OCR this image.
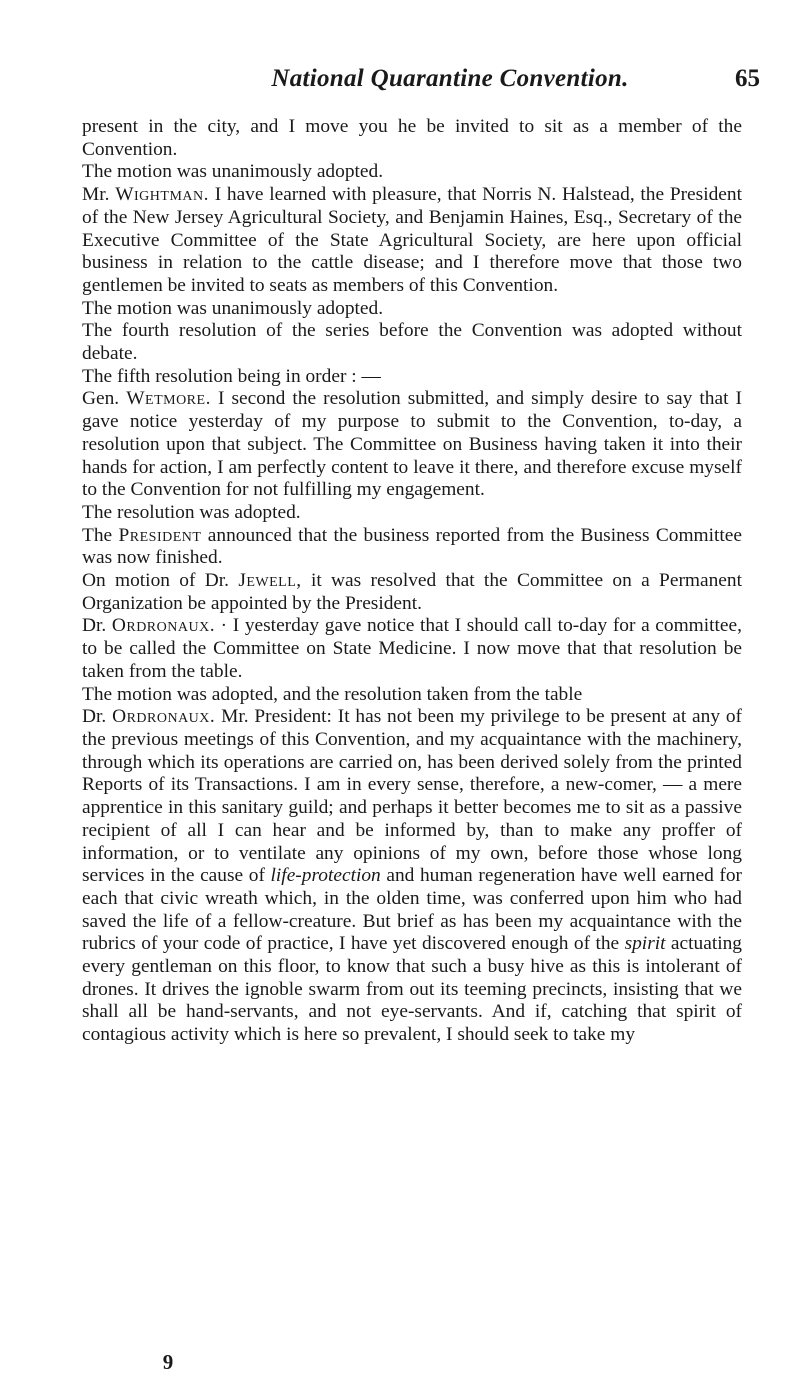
National Quarantine Convention.	65

present in the city, and I move you he be invited to sit as a member of the Convention.

The motion was unanimously adopted.

Mr. Wightman. I have learned with pleasure, that Norris N. Halstead, the President of the New Jersey Agricultural Society, and Benjamin Haines, Esq., Secretary of the Executive Committee of the State Agricultural Society, are here upon official business in relation to the cattle disease; and I therefore move that those two gentlemen be invited to seats as members of this Convention.

The motion was unanimously adopted.

The fourth resolution of the series before the Convention was adopted without debate.

The fifth resolution being in order : —

Gen. Wetmore. I second the resolution submitted, and simply desire to say that I gave notice yesterday of my purpose to submit to the Convention, to-day, a resolution upon that subject. The Committee on Business having taken it into their hands for action, I am perfectly content to leave it there, and therefore excuse myself to the Convention for not fulfilling my engagement.

The resolution was adopted.

The President announced that the business reported from the Business Committee was now finished.

On motion of Dr. Jewell, it was resolved that the Committee on a Permanent Organization be appointed by the President.

Dr. Ordronaux. · I yesterday gave notice that I should call to-day for a committee, to be called the Committee on State Medicine. I now move that that resolution be taken from the table.

The motion was adopted, and the resolution taken from the table

Dr. Ordronaux. Mr. President: It has not been my privilege to be present at any of the previous meetings of this Convention, and my acquaintance with the machinery, through which its operations are carried on, has been derived solely from the printed Reports of its Transactions. I am in every sense, therefore, a new-comer, — a mere apprentice in this sanitary guild; and perhaps it better becomes me to sit as a passive recipient of all I can hear and be informed by, than to make any proffer of information, or to ventilate any opinions of my own, before those whose long services in the cause of life-protection and human regeneration have well earned for each that civic wreath which, in the olden time, was conferred upon him who had saved the life of a fellow-creature. But brief as has been my acquaintance with the rubrics of your code of practice, I have yet discovered enough of the spirit actuating every gentleman on this floor, to know that such a busy hive as this is intolerant of drones. It drives the ignoble swarm from out its teeming precincts, insisting that we shall all be hand-servants, and not eye-servants. And if, catching that spirit of contagious activity which is here so prevalent, I should seek to take my

9
